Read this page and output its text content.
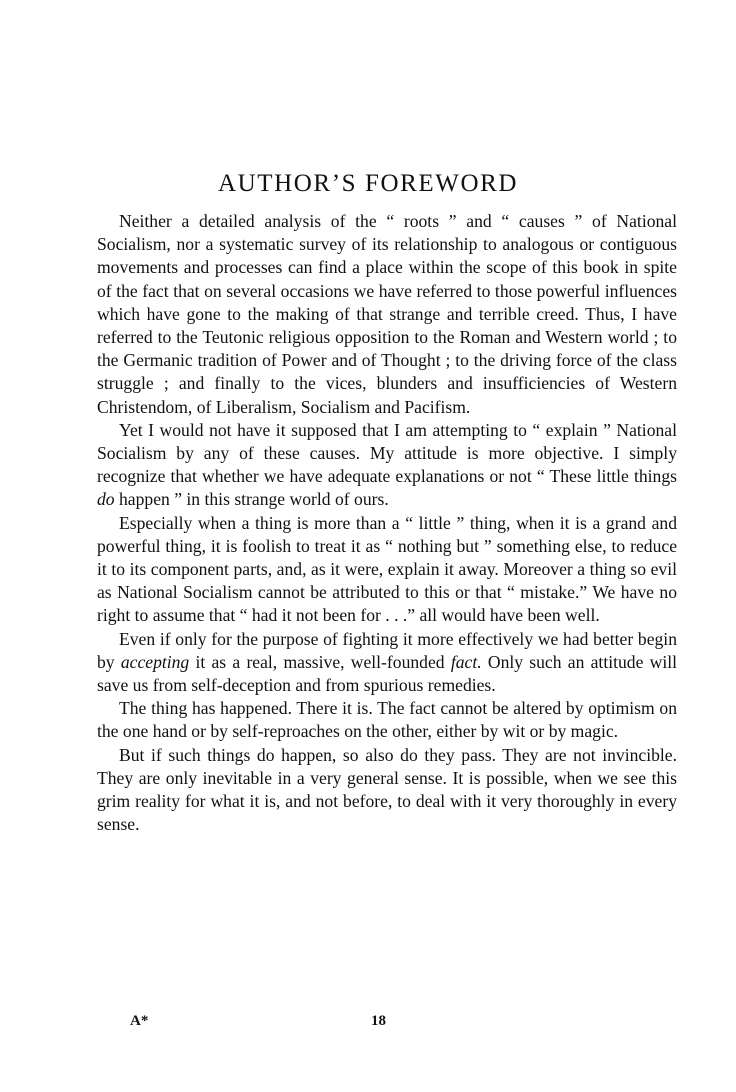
AUTHOR’S FOREWORD

Neither a detailed analysis of the “ roots ” and “ causes ” of National Socialism, nor a systematic survey of its relationship to analogous or contiguous movements and processes can find a place within the scope of this book in spite of the fact that on several occasions we have referred to those powerful influences which have gone to the making of that strange and terrible creed. Thus, I have referred to the Teutonic religious opposition to the Roman and Western world ; to the Germanic tradition of Power and of Thought ; to the driving force of the class struggle ; and finally to the vices, blunders and insufficiencies of Western Christendom, of Liberalism, Socialism and Pacifism.

Yet I would not have it supposed that I am attempting to “ explain ” National Socialism by any of these causes. My attitude is more objective. I simply recognize that whether we have adequate explanations or not “ These little things do happen ” in this strange world of ours.

Especially when a thing is more than a “ little ” thing, when it is a grand and powerful thing, it is foolish to treat it as “ nothing but ” something else, to reduce it to its component parts, and, as it were, explain it away. Moreover a thing so evil as National Socialism cannot be attributed to this or that “ mistake.” We have no right to assume that “ had it not been for . . .” all would have been well.

Even if only for the purpose of fighting it more effectively we had better begin by accepting it as a real, massive, well-founded fact. Only such an attitude will save us from self-deception and from spurious remedies.

The thing has happened. There it is. The fact cannot be altered by optimism on the one hand or by self-reproaches on the other, either by wit or by magic.

But if such things do happen, so also do they pass. They are not invincible. They are only inevitable in a very general sense. It is possible, when we see this grim reality for what it is, and not before, to deal with it very thoroughly in every sense.

A*	18
